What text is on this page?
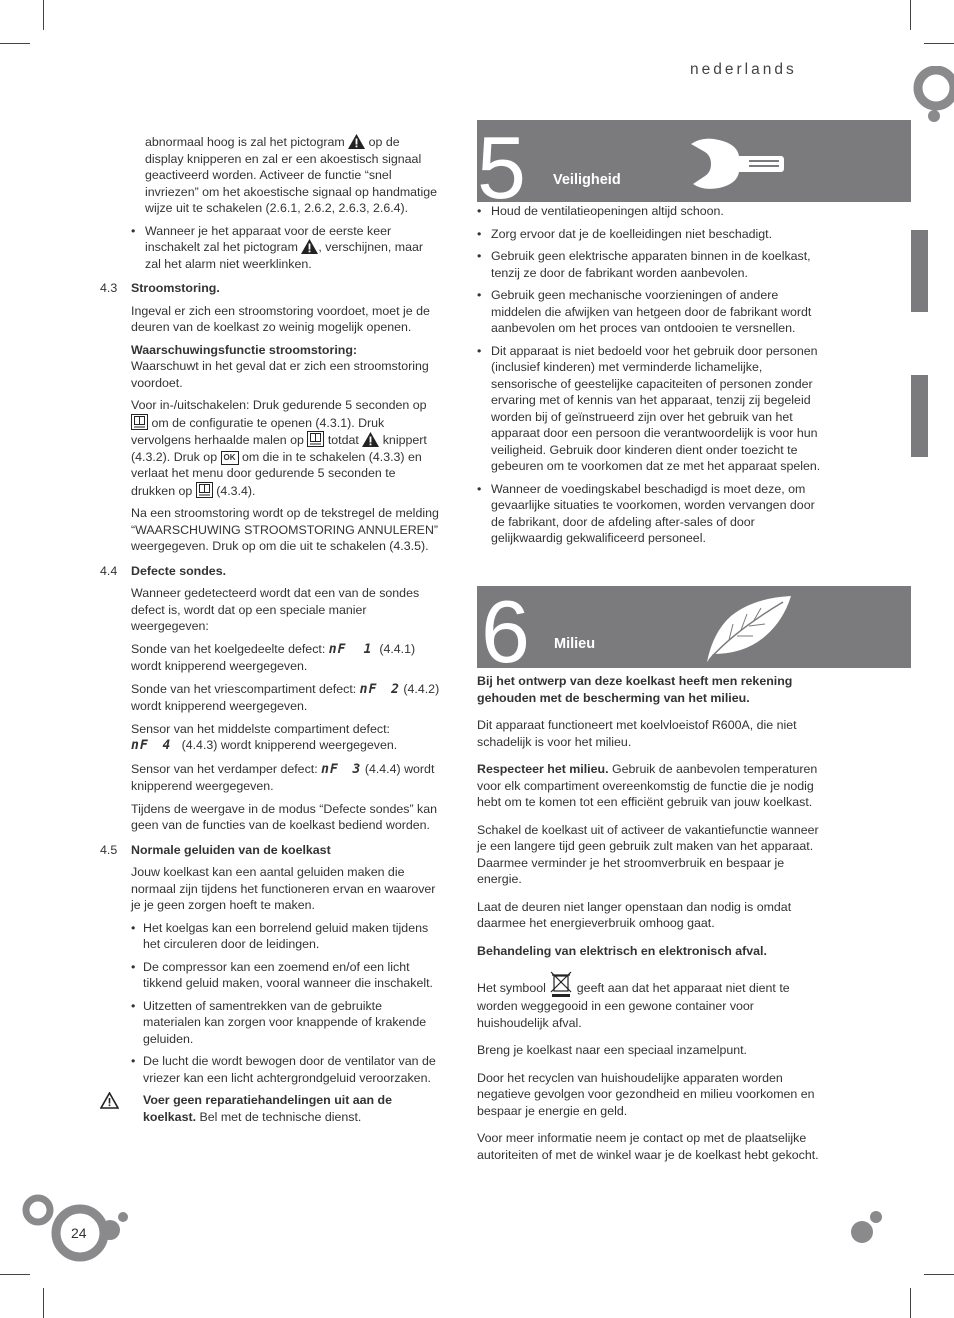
nederlands

abnormaal hoog is zal het pictogram op de display knipperen en zal er een akoestisch signaal geactiveerd worden. Activeer de functie “snel invriezen” om het akoestische signaal op handmatige wijze uit te schakelen (2.6.1, 2.6.2, 2.6.3, 2.6.4).

• Wanneer je het apparaat voor de eerste keer inschakelt zal het pictogram , verschijnen, maar zal het alarm niet weerklinken.

4.3 Stroomstoring.

Ingeval er zich een stroomstoring voordoet, moet je de deuren van de koelkast zo weinig mogelijk openen.

Waarschuwingsfunctie stroomstoring:

Waarschuwt in het geval dat er zich een stroomstoring voordoet.

Voor in-/uitschakelen: Druk gedurende 5 seconden op  om de configuratie te openen (4.3.1). Druk vervolgens herhaalde malen op totdat knippert (4.3.2). Druk op OK om die in te schakelen (4.3.3) en verlaat het menu door gedurende 5 seconden te drukken op (4.3.4).

Na een stroomstoring wordt op de tekstregel de melding “WAARSCHUWING STROOMSTORING ANNULEREN” weergegeven. Druk op om die uit te schakelen (4.3.5).

4.4 Defecte sondes.

Wanneer gedetecteerd wordt dat een van de sondes defect is, wordt dat op een speciale manier weergegeven:

Sonde van het koelgedeelte defect: nF 1 (4.4.1) wordt knipperend weergegeven.

Sonde van het vriescompartiment defect: nF 2 (4.4.2) wordt knipperend weergegeven.

Sensor van het middelste compartiment defect:
nF 4 (4.4.3) wordt knipperend weergegeven.

Sensor van het verdamper defect: nF 3 (4.4.4) wordt knipperend weergegeven.

Tijdens de weergave in de modus “Defecte sondes” kan geen van de functies van de koelkast bediend worden.

4.5 Normale geluiden van de koelkast

Jouw koelkast kan een aantal geluiden maken die normaal zijn tijdens het functioneren ervan en waarover je je geen zorgen hoeft te maken.

• Het koelgas kan een borrelend geluid maken tijdens het circuleren door de leidingen.
• De compressor kan een zoemend en/of een licht tikkend geluid maken, vooral wanneer die inschakelt.
• Uitzetten of samentrekken van de gebruikte materialen kan zorgen voor knappende of krakende geluiden.
• De lucht die wordt bewogen door de ventilator van de vriezer kan een licht achtergrondgeluid veroorzaken.
Voer geen reparatiehandelingen uit aan de koelkast. Bel met de technische dienst.
5 Veiligheid
• Houd de ventilatieopeningen altijd schoon.
• Zorg ervoor dat je de koelleidingen niet beschadigt.
• Gebruik geen elektrische apparaten binnen in de koelkast, tenzij ze door de fabrikant worden aanbevolen.
• Gebruik geen mechanische voorzieningen of andere middelen die afwijken van hetgeen door de fabrikant wordt aanbevolen om het proces van ontdooien te versnellen.
• Dit apparaat is niet bedoeld voor het gebruik door personen (inclusief kinderen) met verminderde lichamelijke, sensorische of geestelijke capaciteiten of personen zonder ervaring met of kennis van het apparaat, tenzij zij begeleid worden bij of geïnstrueerd zijn over het gebruik van het apparaat door een persoon die verantwoordelijk is voor hun veiligheid. Gebruik door kinderen dient onder toezicht te gebeuren om te voorkomen dat ze met het apparaat spelen.
• Wanneer de voedingskabel beschadigd is moet deze, om gevaarlijke situaties te voorkomen, worden vervangen door de fabrikant, door de afdeling after-sales of door gelijkwaardig gekwalificeerd personeel.
6 Milieu

Bij het ontwerp van deze koelkast heeft men rekening gehouden met de bescherming van het milieu.

Dit apparaat functioneert met koelvloeistof R600A, die niet schadelijk is voor het milieu.

Respecteer het milieu. Gebruik de aanbevolen temperaturen voor elk compartiment overeenkomstig de functie die je nodig hebt om te komen tot een efficiënt gebruik van jouw koelkast.

Schakel de koelkast uit of activeer de vakantiefunctie wanneer je een langere tijd geen gebruik zult maken van het apparaat. Daarmee verminder je het stroomverbruik en bespaar je energie.

Laat de deuren niet langer openstaan dan nodig is omdat daarmee het energieverbruik omhoog gaat.

Behandeling van elektrisch en elektronisch afval.

Het symbool geeft aan dat het apparaat niet dient te worden weggegooid in een gewone container voor huishoudelijk afval.

Breng je koelkast naar een speciaal inzamelpunt.

Door het recyclen van huishoudelijke apparaten worden negatieve gevolgen voor gezondheid en milieu voorkomen en bespaar je energie en geld.

Voor meer informatie neem je contact op met de plaatselijke autoriteiten of met de winkel waar je de koelkast hebt gekocht.

24
